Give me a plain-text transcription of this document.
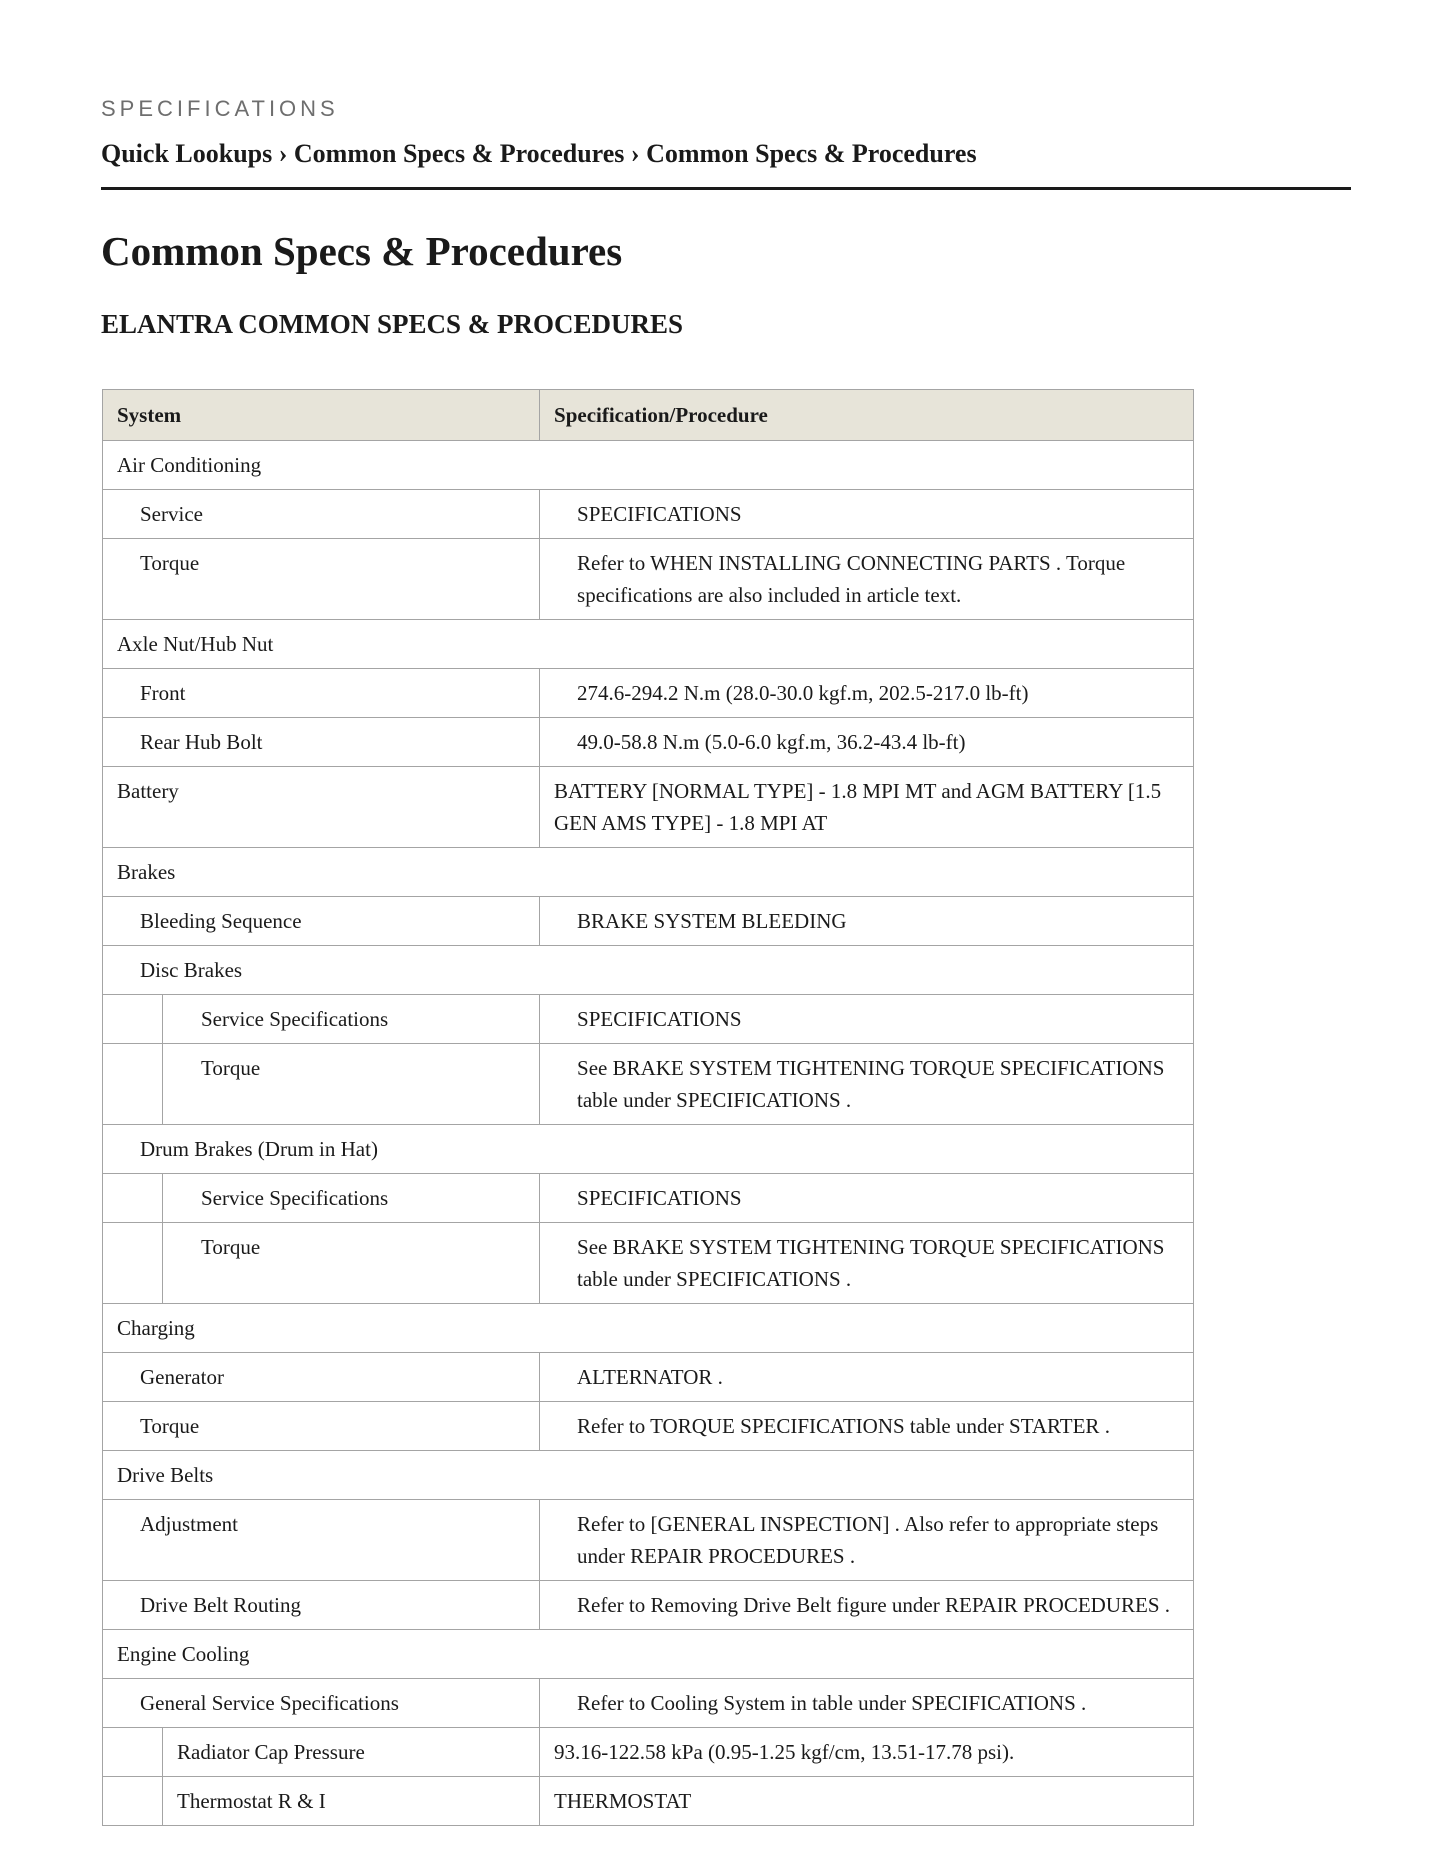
SPECIFICATIONS
Quick Lookups › Common Specs & Procedures › Common Specs & Procedures
Common Specs & Procedures
ELANTRA COMMON SPECS & PROCEDURES
System		Specification/Procedure
Air Conditioning		
Service		SPECIFICATIONS
Torque		Refer to WHEN INSTALLING CONNECTING PARTS . Torque specifications are also included in article text.
Axle Nut/Hub Nut		
Front		274.6-294.2 N.m (28.0-30.0 kgf.m, 202.5-217.0 lb-ft)
Rear Hub Bolt		49.0-58.8 N.m (5.0-6.0 kgf.m, 36.2-43.4 lb-ft)
Battery		BATTERY [NORMAL TYPE] - 1.8 MPI MT and AGM BATTERY [1.5 GEN AMS TYPE] - 1.8 MPI AT
Brakes		
Bleeding Sequence		BRAKE SYSTEM BLEEDING
Disc Brakes		
	Service Specifications	SPECIFICATIONS
	Torque	See BRAKE SYSTEM TIGHTENING TORQUE SPECIFICATIONS table under SPECIFICATIONS .
Drum Brakes (Drum in Hat)		
	Service Specifications	SPECIFICATIONS
	Torque	See BRAKE SYSTEM TIGHTENING TORQUE SPECIFICATIONS table under SPECIFICATIONS .
Charging		
Generator		ALTERNATOR .
Torque		Refer to TORQUE SPECIFICATIONS table under STARTER .
Drive Belts		
Adjustment		Refer to [GENERAL INSPECTION] . Also refer to appropriate steps under REPAIR PROCEDURES .
Drive Belt Routing		Refer to Removing Drive Belt figure under REPAIR PROCEDURES .
Engine Cooling		
General Service Specifications		Refer to Cooling System in table under SPECIFICATIONS .
	Radiator Cap Pressure	93.16-122.58 kPa (0.95-1.25 kgf/cm, 13.51-17.78 psi).
	Thermostat R & I	THERMOSTAT
